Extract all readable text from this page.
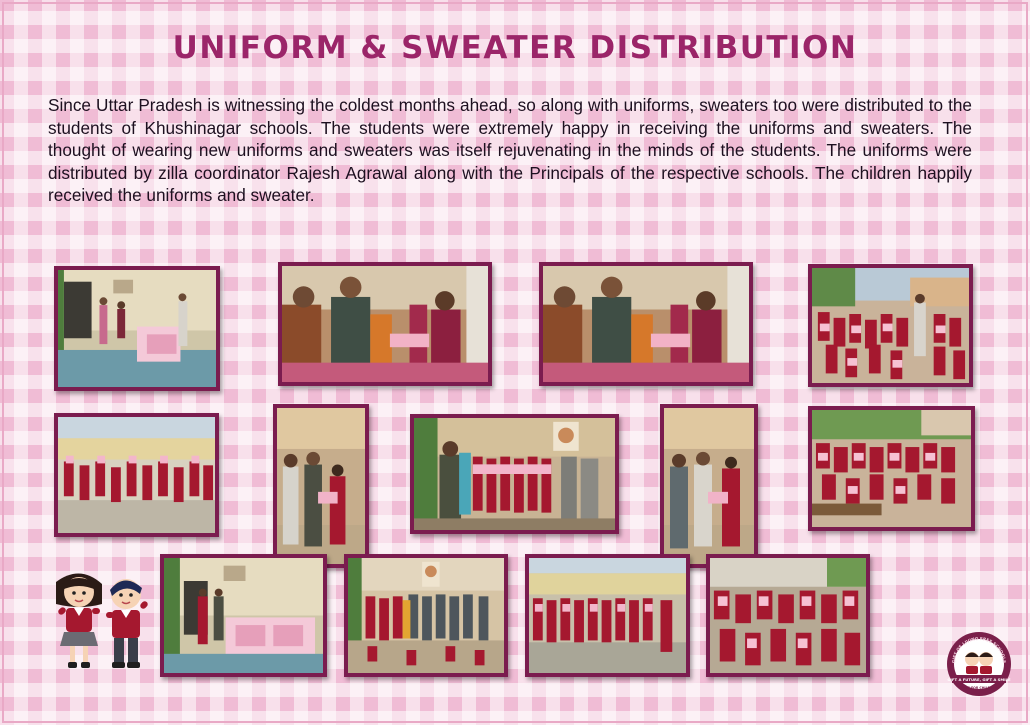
UNIFORM & SWEATER DISTRIBUTION

Since Uttar Pradesh is witnessing the coldest months ahead, so along with uniforms, sweaters too were distributed to the students of Khushinagar schools. The students were extremely happy in receiving the uniforms and sweaters. The thought of wearing new uniforms and sweaters was itself rejuvenating in the minds of the students. The uniforms were distributed by zilla coordinator Rajesh Agrawal along with the Principals of the respective schools. The children happily received the uniforms and sweater.

GIFT OF LIVING FREE SCHOOLS
GIFT A FUTURE, GIFT A SMILE
CARE FOR CHILDREN
